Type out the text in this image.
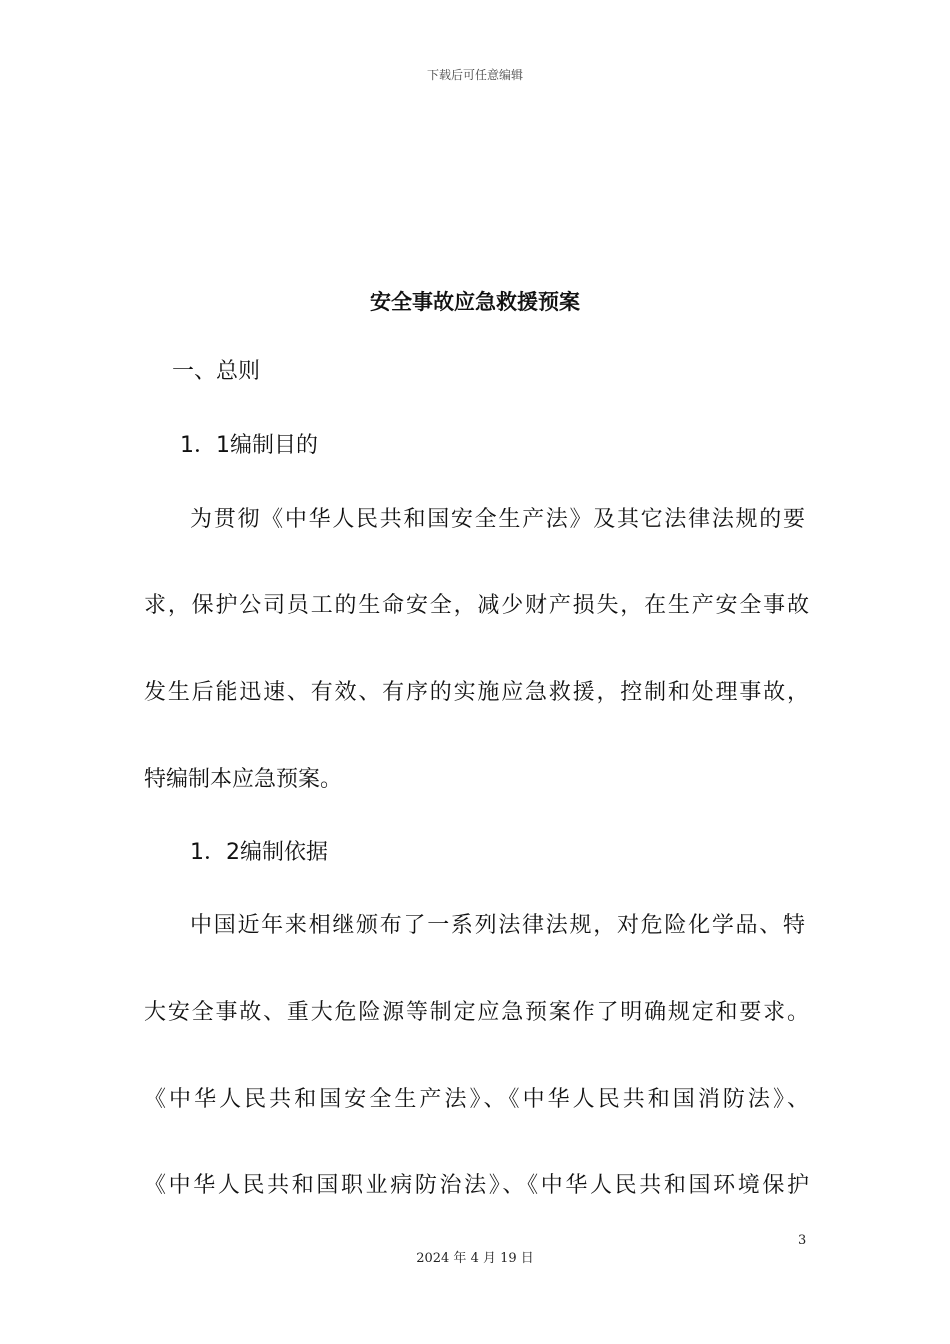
下载后可任意编辑
安全事故应急救援预案
一、总则
1．1编制目的
为贯彻《中华人民共和国安全生产法》及其它法律法规的要
求，保护公司员工的生命安全，减少财产损失，在生产安全事故
发生后能迅速、有效、有序的实施应急救援，控制和处理事故，
特编制本应急预案。
1．2编制依据
中国近年来相继颁布了一系列法律法规，对危险化学品、特
大安全事故、重大危险源等制定应急预案作了明确规定和要求。
《中华人民共和国安全生产法》、《中华人民共和国消防法》、
《中华人民共和国职业病防治法》、《中华人民共和国环境保护
3
2024 年 4 月 19 日
